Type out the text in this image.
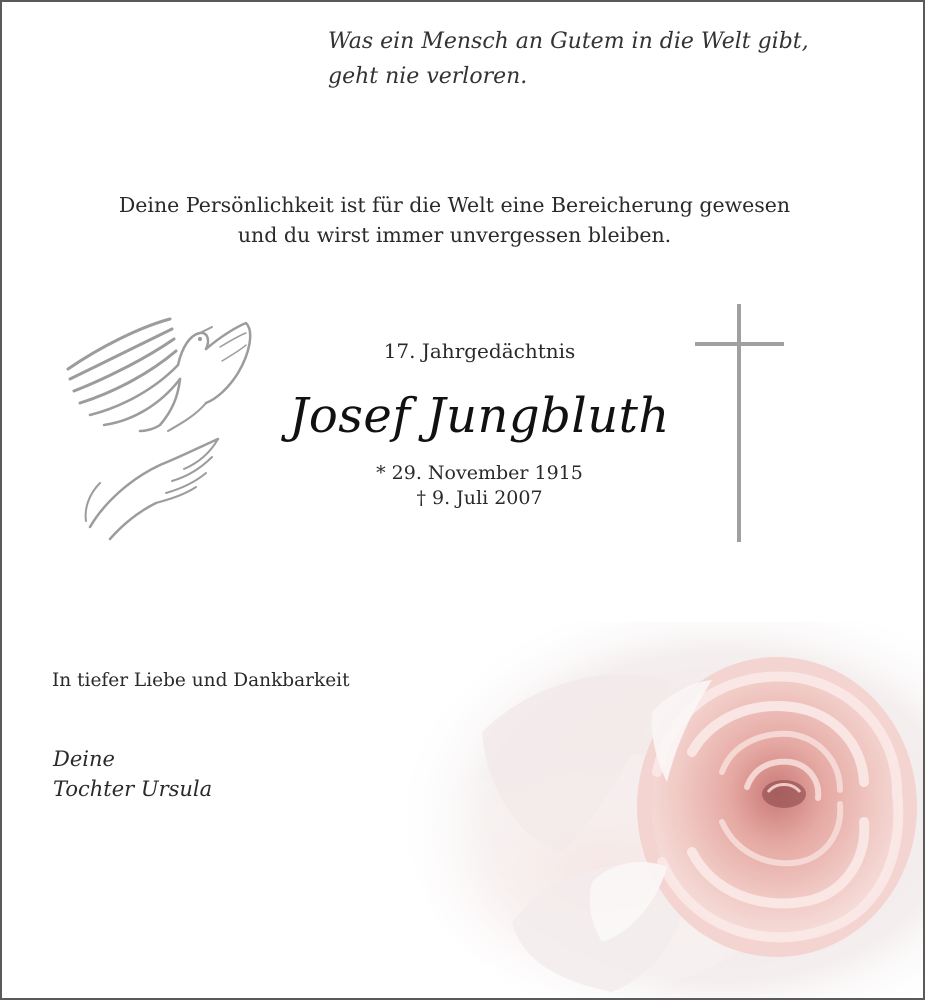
Was ein Mensch an Gutem in die Welt gibt,
geht nie verloren.
Deine Persönlichkeit ist für die Welt eine Bereicherung gewesen
und du wirst immer unvergessen bleiben.
17. Jahrgedächtnis
Josef Jungbluth
* 29. November 1915
† 9. Juli 2007
In tiefer Liebe und Dankbarkeit
Deine
Tochter Ursula
